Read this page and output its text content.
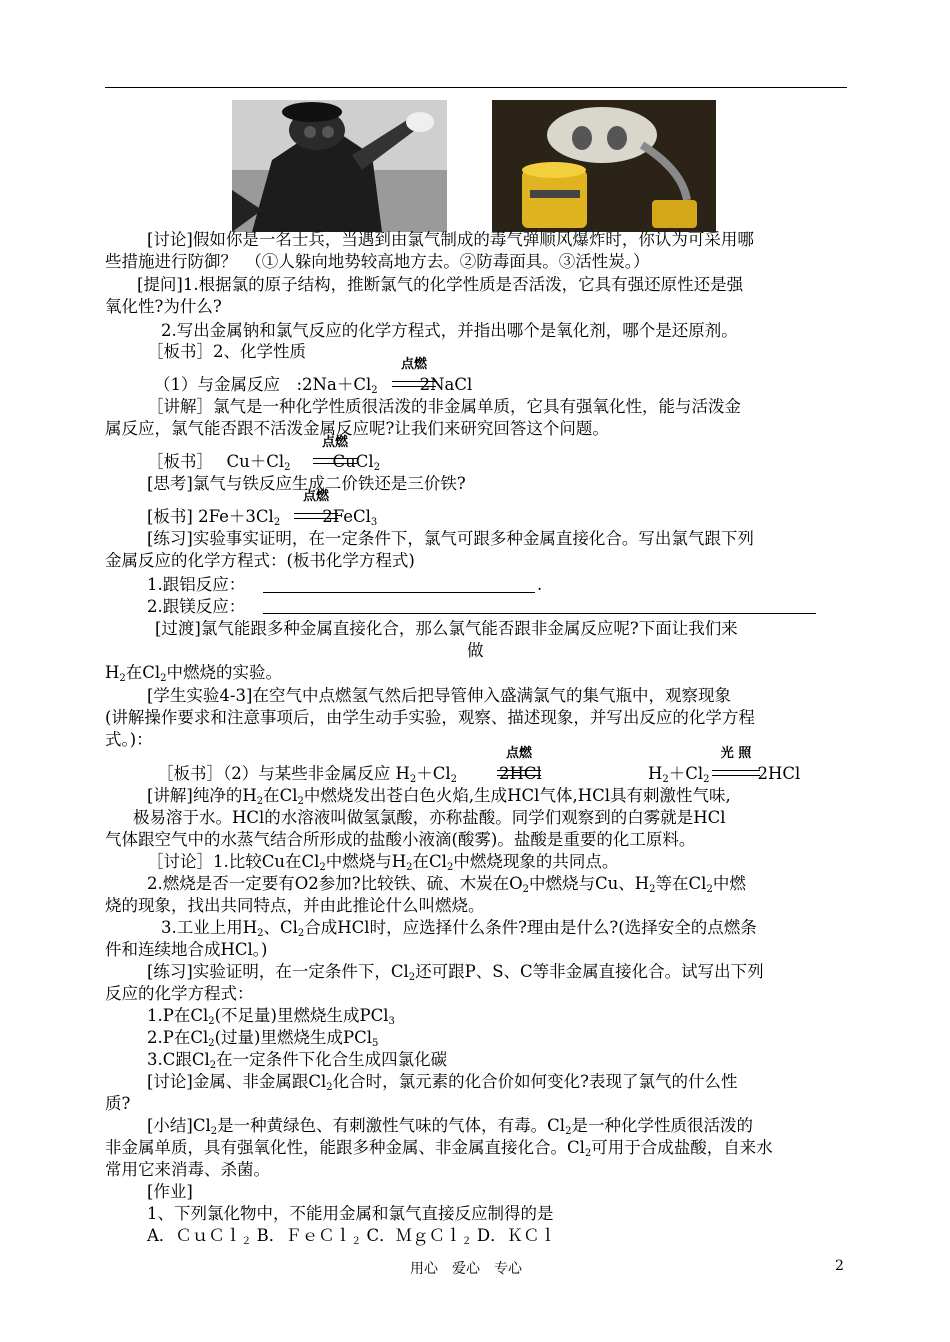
[讨论]假如你是一名士兵，当遇到由氯气制成的毒气弹顺风爆炸时，你认为可采用哪
些措施进行防御？　（①人躲向地势较高地方去。②防毒面具。③活性炭。）
[提问]1.根据氯的原子结构，推断氯气的化学性质是否活泼，它具有强还原性还是强
氧化性?为什么?
2.写出金属钠和氯气反应的化学方程式，并指出哪个是氧化剂，哪个是还原剂。
［板书］2、化学性质
（1）与金属反应　$:2Na+Cl_2$	2NaCl
点燃
［讲解］氯气是一种化学性质很活泼的非金属单质，它具有强氧化性，能与活泼金
属反应，氯气能否跟不活泼金属反应呢?让我们来研究回答这个问题。
［板书］　 $Cu+Cl_2$	CuCl$_2$
点燃
[思考]氯气与铁反应生成二价铁还是三价铁?
[板书] $2Fe+3Cl_2$	2FeCl$_3$
点燃
[练习]实验事实证明，在一定条件下，氯气可跟多种金属直接化合。写出氯气跟下列
金属反应的化学方程式：(板书化学方程式)
1.跟铝反应：	.
2.跟镁反应：
[过渡]氯气能跟多种金属直接化合，那么氯气能否跟非金属反应呢?下面让我们来
做
$H_2$在$Cl_2$中燃烧的实验。
[学生实验4-3]在空气中点燃氢气然后把导管伸入盛满氯气的集气瓶中，观察现象
(讲解操作要求和注意事项后，由学生动手实验，观察、描述现象，并写出反应的化学方程
式。)：
［板书］（2）与某些非金属反应 $H_2+Cl_2$	2HCl
点燃
$H_2+Cl_2$	2HCl
光 照
[讲解]纯净的$H_2$在$Cl_2$中燃烧发出苍白色火焰,生成HCl气体,HCl具有刺激性气味,
极易溶于水。HCl的水溶液叫做氢氯酸，亦称盐酸。同学们观察到的白雾就是HCl
气体跟空气中的水蒸气结合所形成的盐酸小液滴(酸雾)。盐酸是重要的化工原料。
［讨论］1.比较Cu在$Cl_2$中燃烧与$H_2$在$Cl_2$中燃烧现象的共同点。
2.燃烧是否一定要有O2参加?比较铁、硫、木炭在$O_2$中燃烧与Cu、$H_2$等在$Cl_2$中燃
烧的现象，找出共同特点，并由此推论什么叫燃烧。
3.工业上用$H_2$、$Cl_2$合成HCl时，应选择什么条件?理由是什么?(选择安全的点燃条
件和连续地合成HCl。)
[练习]实验证明，在一定条件下，$Cl_2$还可跟P、S、C等非金属直接化合。试写出下列
反应的化学方程式：
1.P在$Cl_2$(不足量)里燃烧生成PCl$_3$
2.P在$Cl_2$(过量)里燃烧生成PCl$_5$
3.C跟$Cl_2$在一定条件下化合生成四氯化碳
[讨论]金属、非金属跟$Cl_2$化合时，氯元素的化合价如何变化?表现了氯气的什么性
质?
[小结]$Cl_2$是一种黄绿色、有刺激性气味的气体，有毒。$Cl_2$是一种化学性质很活泼的
非金属单质，具有强氧化性，能跟多种金属、非金属直接化合。$Cl_2$可用于合成盐酸，自来水
常用它来消毒、杀菌。
[作业]
1、下列氯化物中，不能用金属和氯气直接反应制得的是
A．ＣｕＣｌ$_2$ B．ＦｅＣｌ$_2$ C．ＭｇＣｌ$_2$ D．ＫＣｌ
用心　爱心　专心	2
